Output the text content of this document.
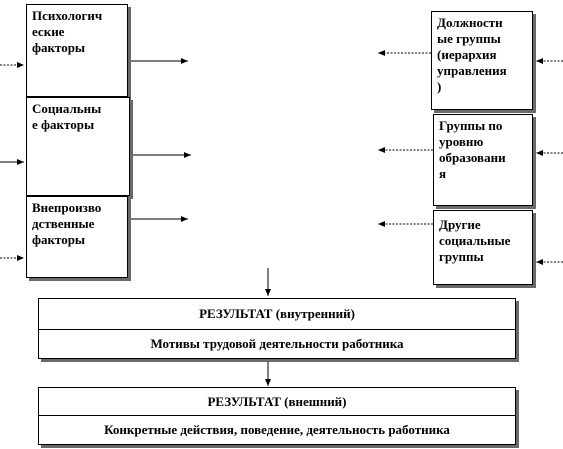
Психологич
еские
факторы
Социальны
е факторы
Внепроизво
дственные
факторы
Должностн
ые группы
(иерархия
управления
)
Группы по
уровню
образовани
я
Другие
социальные
группы
РЕЗУЛЬТАТ (внутренний)
Мотивы трудовой деятельности работника
РЕЗУЛЬТАТ (внешний)
Конкретные действия, поведение, деятельность работника
